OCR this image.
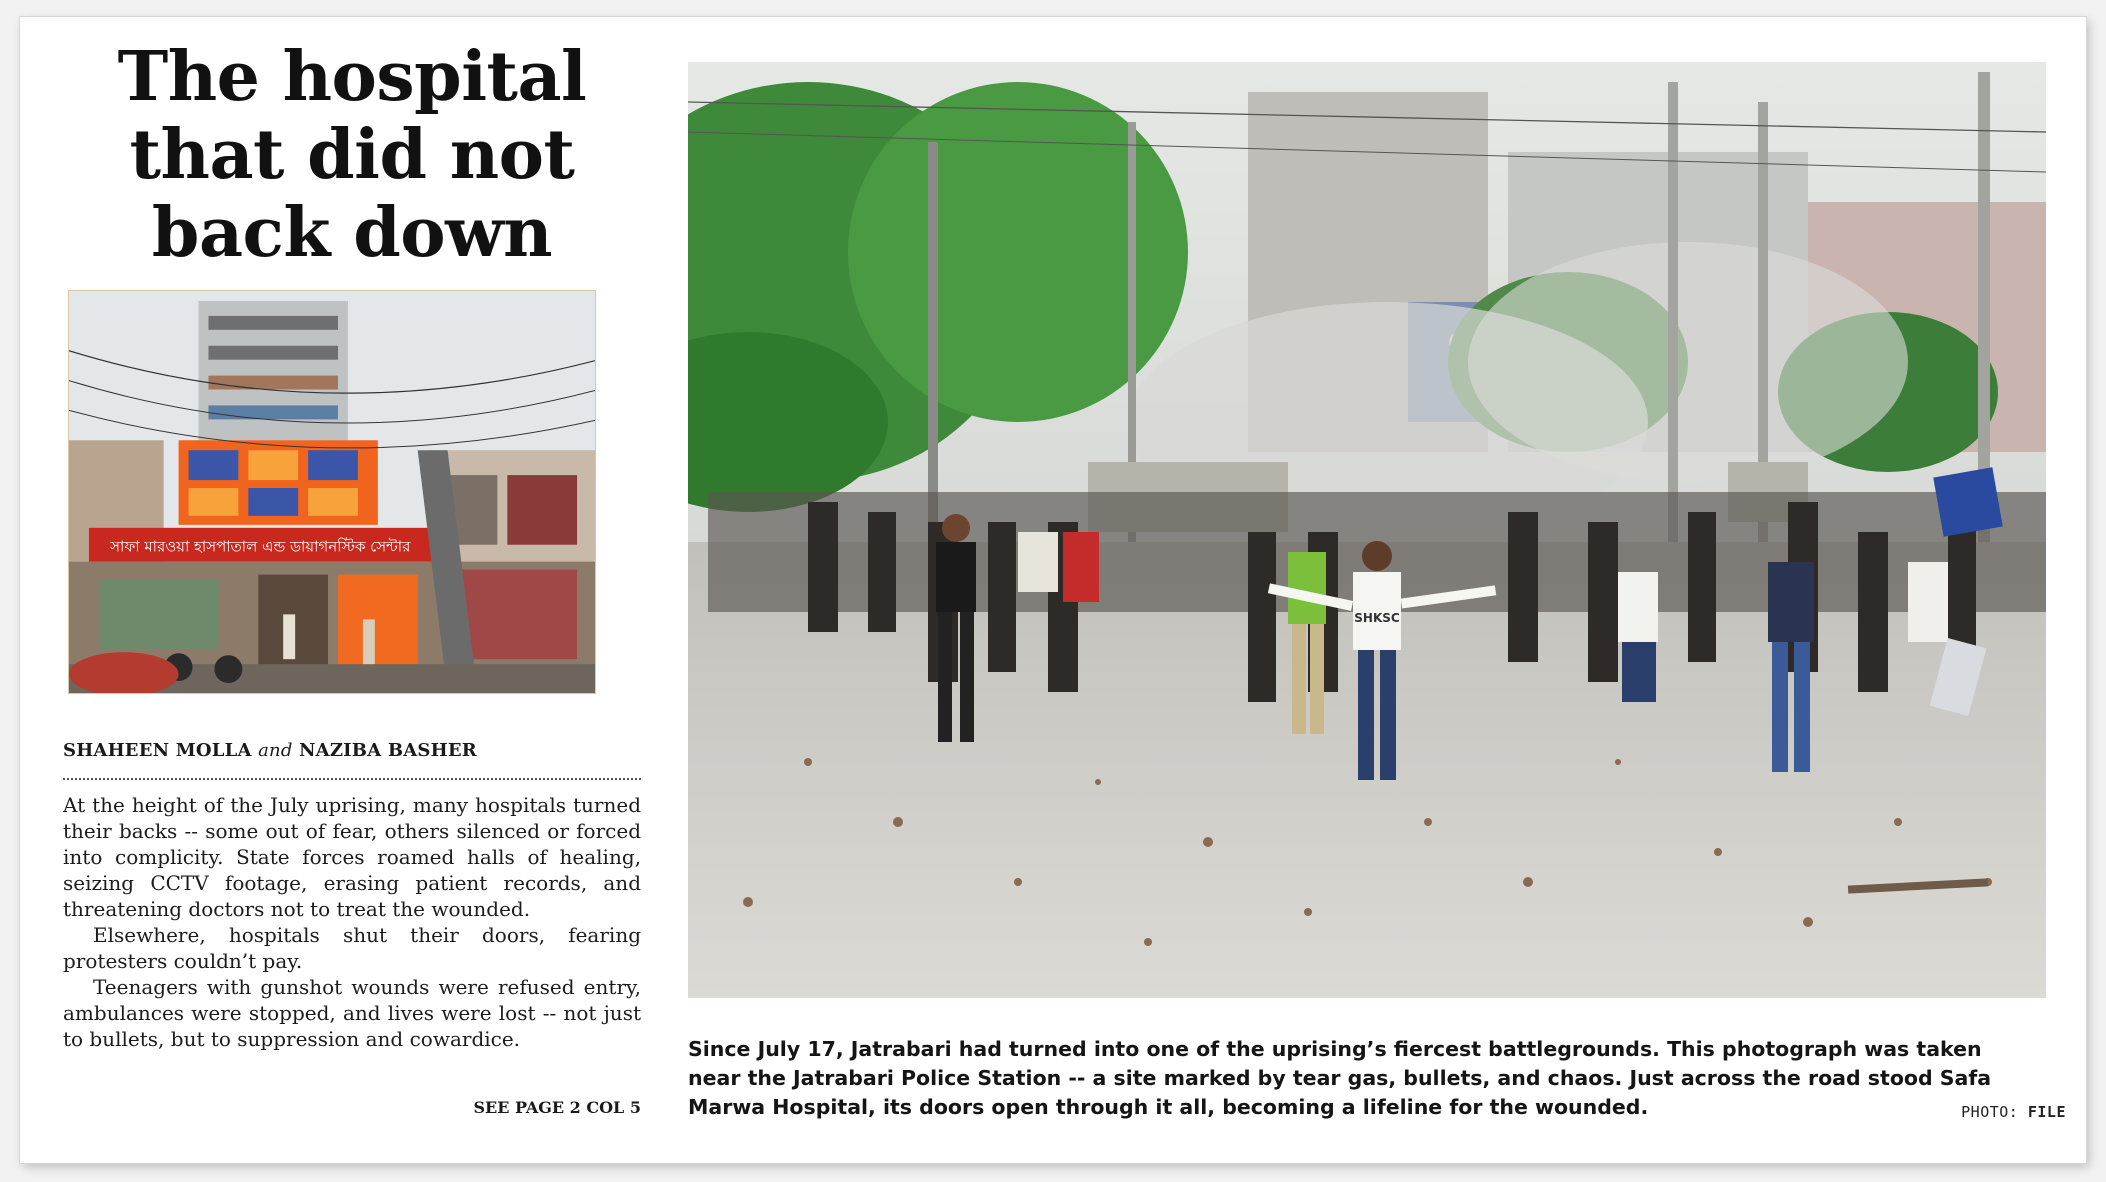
The hospital
that did not
back down
সাফা মারওয়া হাসপাতাল এন্ড ডায়াগনস্টিক সেন্টার
SHAHEEN MOLLA and NAZIBA BASHER

At the height of the July uprising, many hospitals turned their backs -- some out of fear, others silenced or forced into complicity. State forces roamed halls of healing, seizing CCTV footage, erasing patient records, and threatening doctors not to treat the wounded.

Elsewhere, hospitals shut their doors, fearing protesters couldn’t pay.

Teenagers with gunshot wounds were refused entry, ambulances were stopped, and lives were lost -- not just to bullets, but to suppression and cowardice.

SEE PAGE 2 COL 5
SHKSC
Since July 17, Jatrabari had turned into one of the uprising’s fiercest battlegrounds. This photograph was taken near the Jatrabari Police Station -- a site marked by tear gas, bullets, and chaos. Just across the road stood Safa Marwa Hospital, its doors open through it all, becoming a lifeline for the wounded.	PHOTO: FILE
